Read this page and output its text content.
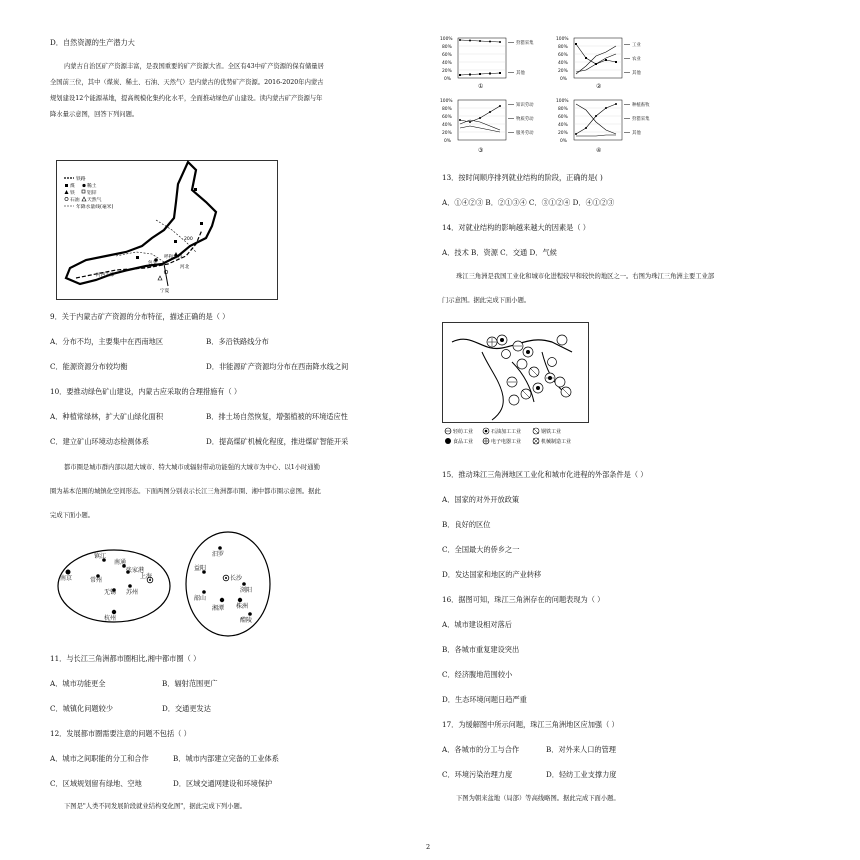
D．自然资源的生产潜力大
内蒙古自治区矿产资源丰富，是我国重要的矿产资源大省。全区有43中矿产资源的保有储量居
全国前三位，其中（煤炭、稀土、石油、天然气）是内蒙古的优势矿产资源。2016-2020年内蒙古
规划建设12个能源基地，提高规模化集约化水平，全面推动绿色矿山建设。读内蒙古矿产资源与年
降水量示意图，回答下列问题。
铁路
煤	稀土
铁	铝锌
石油 天然气
年降水量线(毫米)
200
呼和浩特
包头
河北
河西走廊
宁夏
9．关于内蒙古矿产资源的分布特征，描述正确的是（ ）
A．分布不均，主要集中在西南地区	B．多沿铁路线分布
C．能源资源分布较均衡	D．非能源矿产资源均分布在西南降水线之间
10．要推动绿色矿山建设，内蒙古应采取的合理措施有（ ）
A．种植常绿林，扩大矿山绿化面积	B．排土场自然恢复，增强植被的环境适应性
C．建立矿山环境动态检测体系	D．提高煤矿机械化程度，推进煤矿智能开采
都市圈是城市群内部以超大城市、特大城市或辐射带动功能强的大城市为中心、以1小时通勤
圈为基本范围的城镇化空间形态。下面两图分别表示长江三角洲都市圈、湘中都市圈示意图。据此
完成下面小题。
南京
镇江
南通
常州
张家港
上海
无锡 苏州
杭州
汨罗
益阳
长沙
浏阳
韶山
湘潭 株洲
醴陵
11．与长江三角洲都市圈相比,湘中都市圈（ ）
A．城市功能更全	B．辐射范围更广
C．城镇化问题较少	D．交通更发达
12．发展都市圈需要注意的问题不包括（ ）
A．城市之间职能的分工和合作	B．城市内部建立完备的工业体系
C．区域规划留有绿地、空地	D．区域交通网建设和环境保护
下图是"人类不同发展阶段就业结构变化图"，据此完成下列小题。
100%
80%
60%
40%
20%
0%
狩猎采集
其他
①
100%
80%
60%
40%
20%
0%
工业
农业
其他
②
100%
80%
60%
40%
20%
0%
知识劳动
物质劳动
服务劳动
③
100%
80%
60%
40%
20%
0%
种植畜牧
狩猎采集
其他
④
13．按时间顺序排列就业结构的阶段，正确的是( )
A．①④②③ B．②①③④ C．③①②④ D．④①②③
14．对就业结构的影响越来越大的因素是（ ）
A．技术 B．资源 C．交通 D．气候
珠江三角洲是我国工业化和城市化进程较早和较快的地区之一。右图为珠江三角洲主要工业部
门示意图。据此完成下面小题。
轻纺工业	石油加工工业	钢铁工业
食品工业	电子电器工业	机械制造工业
15．推动珠江三角洲地区工业化和城市化进程的外部条件是（ ）
A．国家的对外开放政策
B．良好的区位
C．全国最大的侨乡之一
D．发达国家和地区的产业转移
16．据图可知，珠江三角洲存在的问题表现为（ ）
A．城市建设相对落后
B．各城市重复建设突出
C．经济腹地范围较小
D．生态环境问题日趋严重
17．为缓解图中所示问题，珠江三角洲地区应加强（ ）
A．各城市的分工与合作	B．对外来人口的管理
C．环境污染治理力度	D．轻纺工业支撑力度
下图为朝来盆地（局部）等高线略图。据此完成下面小题。
2
